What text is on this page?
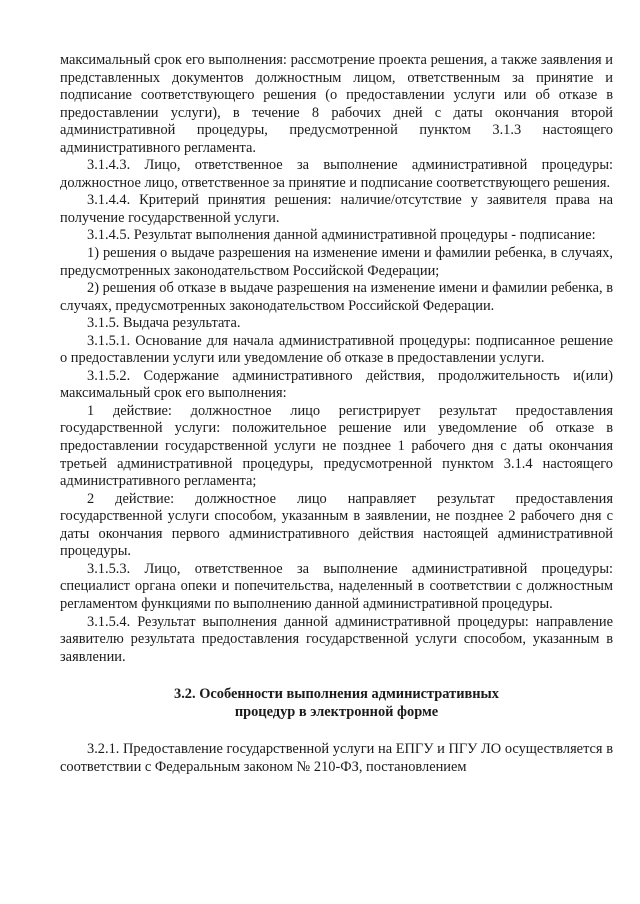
максимальный срок его выполнения: рассмотрение проекта решения, а также заявления и представленных документов должностным лицом, ответственным за принятие и подписание соответствующего решения (о предоставлении услуги или об отказе в предоставлении услуги), в течение 8 рабочих дней с даты окончания второй административной процедуры, предусмотренной пунктом 3.1.3 настоящего административного регламента.

3.1.4.3. Лицо, ответственное за выполнение административной процедуры: должностное лицо, ответственное за принятие и подписание соответствующего решения.

3.1.4.4. Критерий принятия решения: наличие/отсутствие у заявителя права на получение государственной услуги.

3.1.4.5. Результат выполнения данной административной процедуры - подписание:

1) решения о выдаче разрешения на изменение имени и фамилии ребенка, в случаях, предусмотренных законодательством Российской Федерации;

2) решения об отказе в выдаче разрешения на изменение имени и фамилии ребенка, в случаях, предусмотренных законодательством Российской Федерации.

3.1.5. Выдача результата.

3.1.5.1. Основание для начала административной процедуры: подписанное решение о предоставлении услуги или уведомление об отказе в предоставлении услуги.

3.1.5.2. Содержание административного действия, продолжительность и(или) максимальный срок его выполнения:

1 действие: должностное лицо регистрирует результат предоставления государственной услуги: положительное решение или уведомление об отказе в предоставлении государственной услуги не позднее 1 рабочего дня с даты окончания третьей административной процедуры, предусмотренной пунктом 3.1.4 настоящего административного регламента;

2 действие: должностное лицо направляет результат предоставления государственной услуги способом, указанным в заявлении, не позднее 2 рабочего дня с даты окончания первого административного действия настоящей административной процедуры.

3.1.5.3. Лицо, ответственное за выполнение административной процедуры: специалист органа опеки и попечительства, наделенный в соответствии с должностным регламентом функциями по выполнению данной административной процедуры.

3.1.5.4. Результат выполнения данной административной процедуры: направление заявителю результата предоставления государственной услуги способом, указанным в заявлении.

3.2. Особенности выполнения административных
процедур в электронной форме

3.2.1. Предоставление государственной услуги на ЕПГУ и ПГУ ЛО осуществляется в соответствии с Федеральным законом № 210-ФЗ, постановлением
